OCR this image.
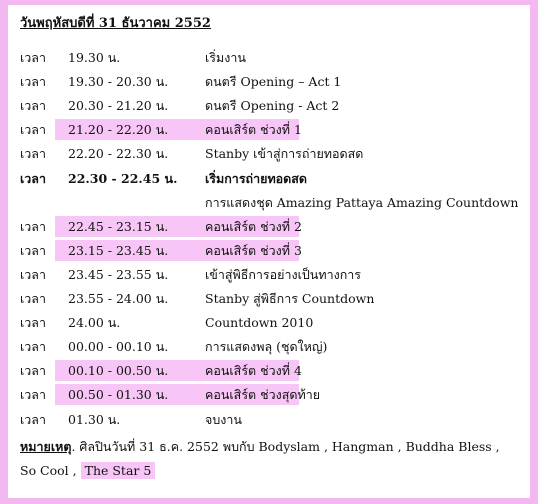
วันพฤหัสบดีที่ 31 ธันวาคม 2552
เวลา 19.30 น.	เริ่มงาน
เวลา 19.30 - 20.30 น.	ดนตรี Opening – Act 1
เวลา 20.30 - 21.20 น.	ดนตรี Opening - Act 2
เวลา 21.20 - 22.20 น.	คอนเสิร์ต ช่วงที่ 1
เวลา 22.20 - 22.30 น.	Stanby เข้าสู่การถ่ายทอดสด
เวลา 22.30 - 22.45 น. เริ่มการถ่ายทอดสด
การแสดงชุด Amazing Pattaya Amazing Countdown
เวลา 22.45 - 23.15 น.	คอนเสิร์ต ช่วงที่ 2
เวลา 23.15 - 23.45 น.	คอนเสิร์ต ช่วงที่ 3
เวลา 23.45 - 23.55 น.	เข้าสู่พิธีการอย่างเป็นทางการ
เวลา 23.55 - 24.00 น.	Stanby สู่พิธีการ Countdown
เวลา 24.00 น.	Countdown 2010
เวลา 00.00 - 00.10 น.	การแสดงพลุ (ชุดใหญ่)
เวลา 00.10 - 00.50 น.	คอนเสิร์ต ช่วงที่ 4
เวลา 00.50 - 01.30 น.	คอนเสิร์ต ช่วงสุดท้าย
เวลา 01.30 น.	จบงาน
หมายเหตุ. ศิลปินวันที่ 31 ธ.ค. 2552 พบกับ Bodyslam , Hangman , Buddha Bless ,
So Cool , The Star 5
